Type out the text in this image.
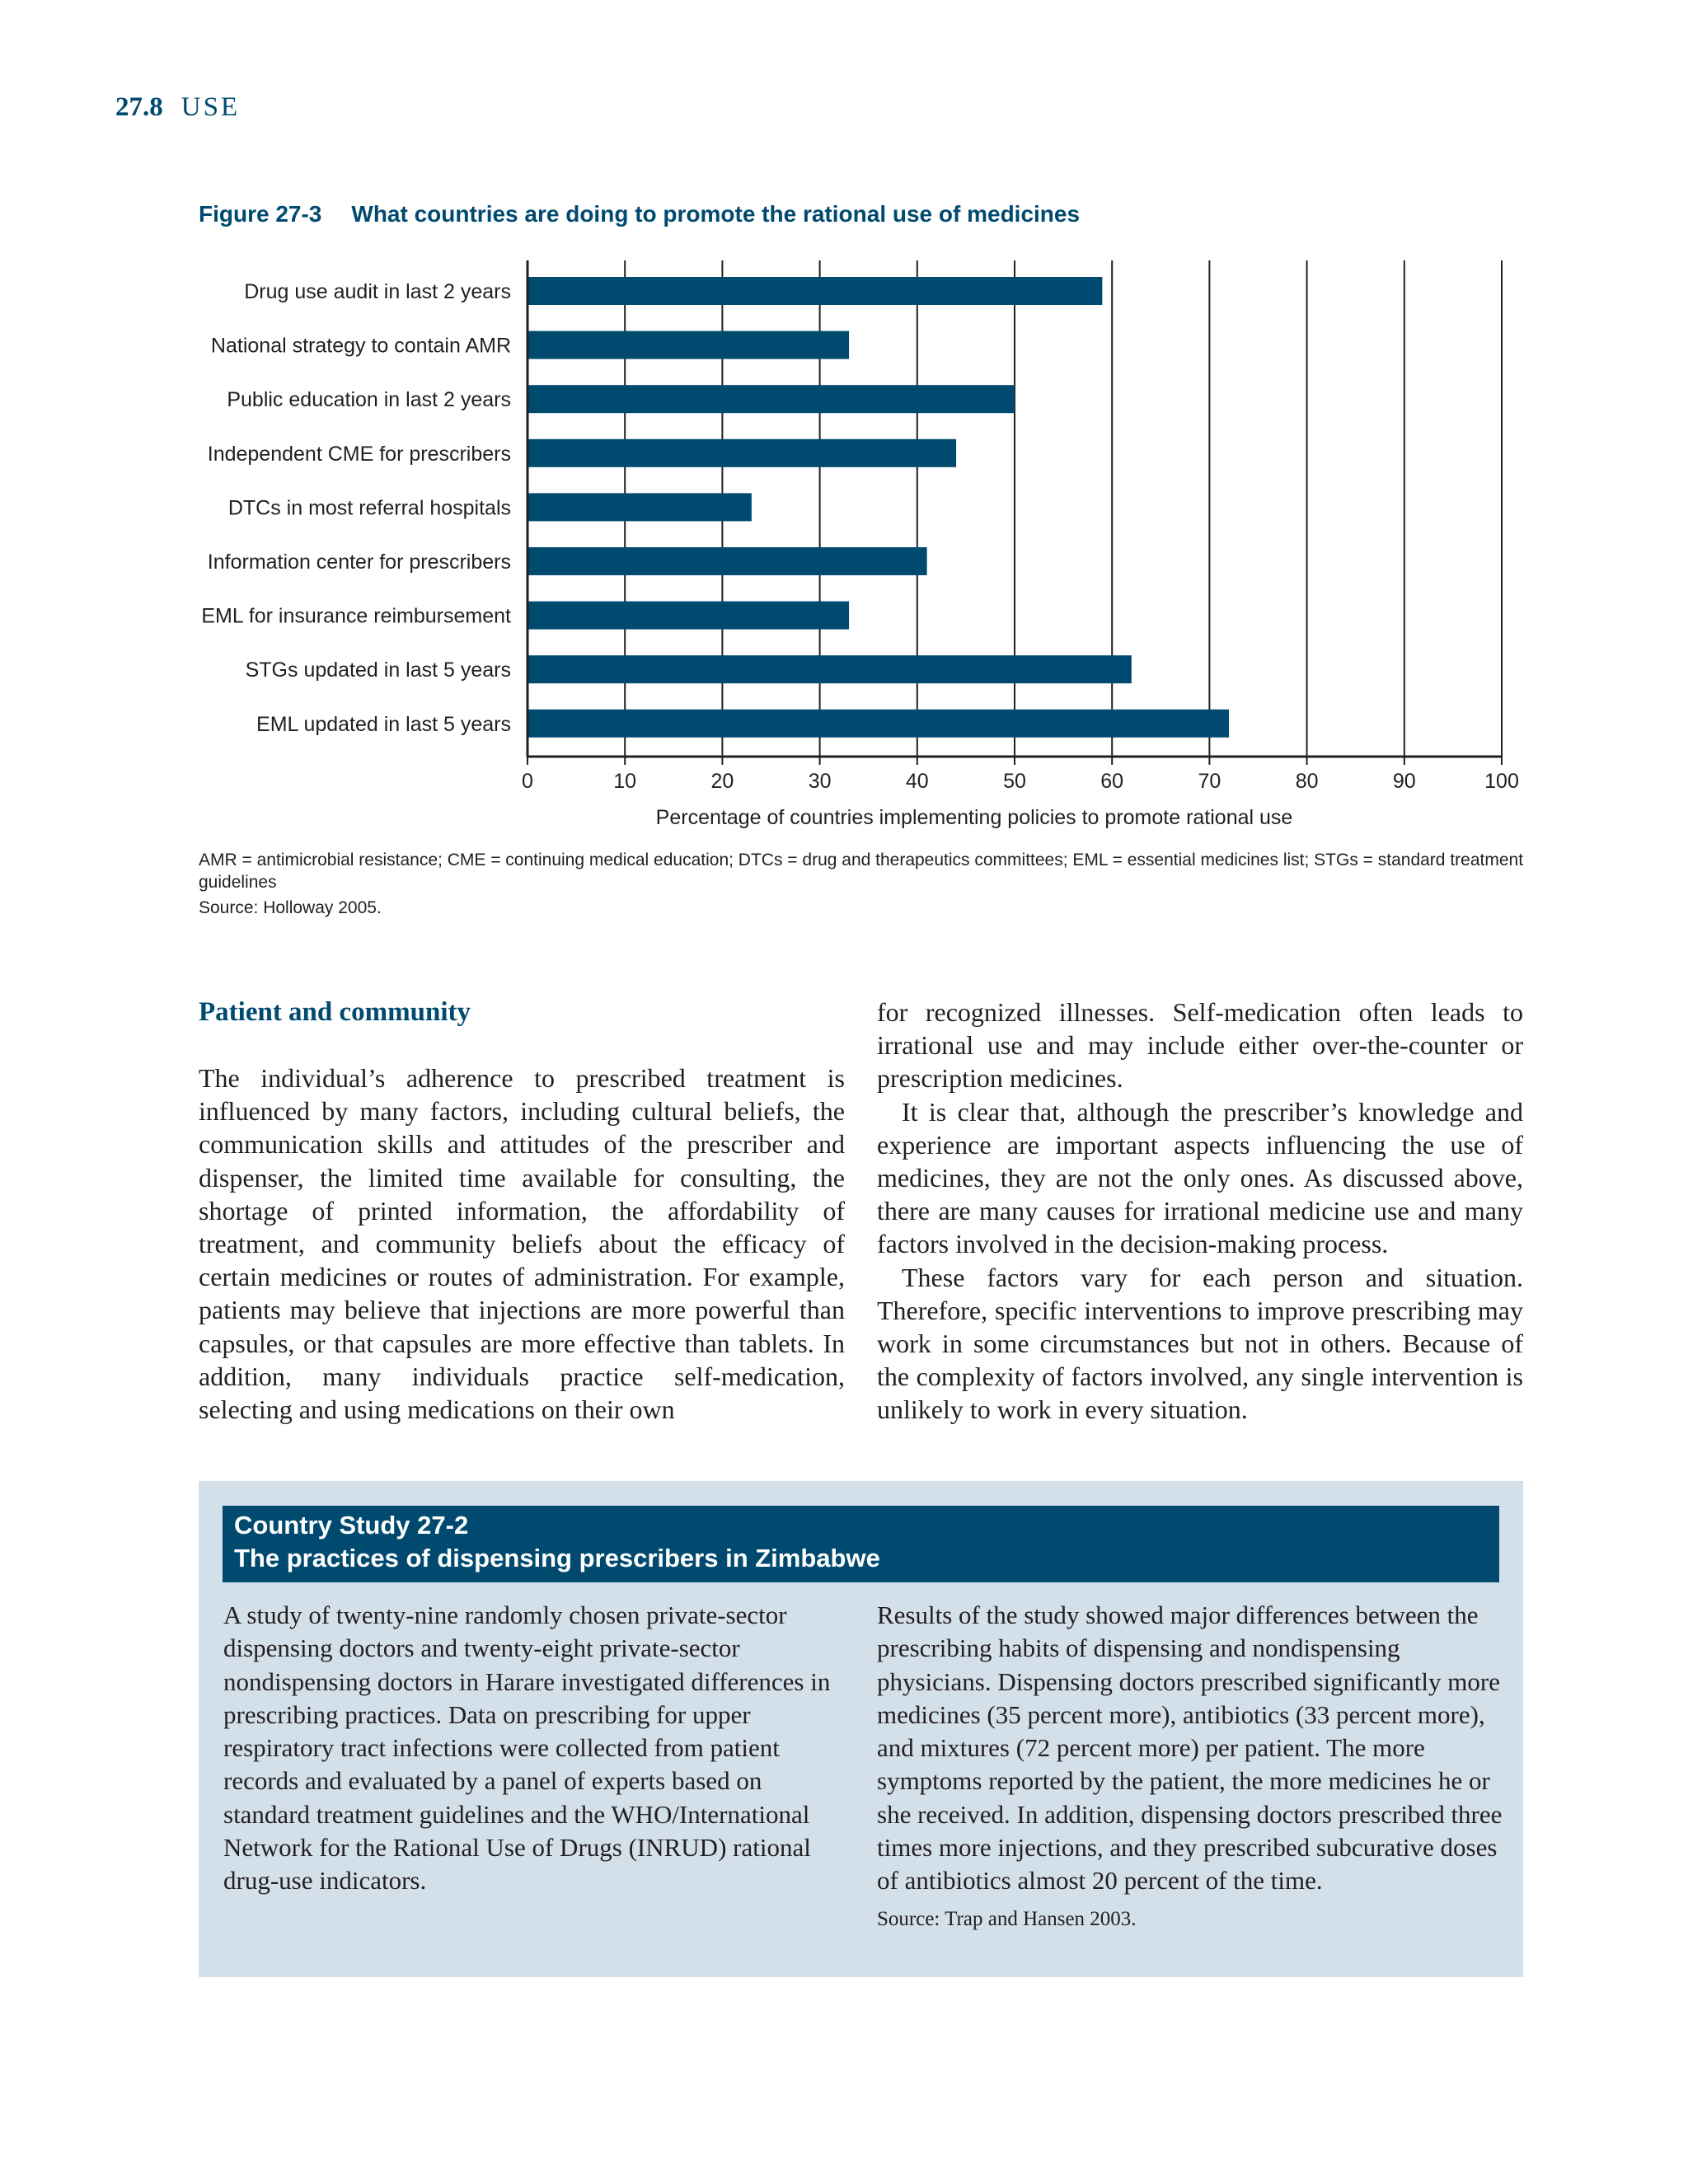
27.8 USE
Figure 27-3 What countries are doing to promote the rational use of medicines
Drug use audit in last 2 years
National strategy to contain AMR
Public education in last 2 years
Independent CME for prescribers
DTCs in most referral hospitals
Information center for prescribers
EML for insurance reimbursement
STGs updated in last 5 years
EML updated in last 5 years
0	10	20	30	40	50	60	70	80	90	100
Percentage of countries implementing policies to promote rational use
AMR = antimicrobial resistance; CME = continuing medical education; DTCs = drug and therapeutics committees; EML = essential medicines list; STGs = standard treatment guidelines
Source: Holloway 2005.
Patient and community

The individual’s adherence to prescribed treatment is influenced by many factors, including cultural beliefs, the communication skills and attitudes of the prescriber and dispenser, the limited time available for consulting, the shortage of printed information, the affordability of treatment, and community beliefs about the efficacy of certain medicines or routes of administration. For example, patients may believe that injections are more powerful than capsules, or that capsules are more effective than tablets. In addition, many individuals practice self-medication, selecting and using medications on their own

for recognized illnesses. Self-medication often leads to irrational use and may include either over-the-counter or prescription medicines.

It is clear that, although the prescriber’s knowledge and experience are important aspects influencing the use of medicines, they are not the only ones. As discussed above, there are many causes for irrational medicine use and many factors involved in the decision-making process.

These factors vary for each person and situation. Therefore, specific interventions to improve prescribing may work in some circumstances but not in others. Because of the complexity of factors involved, any single intervention is unlikely to work in every situation.

Country Study 27-2
The practices of dispensing prescribers in Zimbabwe

A study of twenty-nine randomly chosen private-sector dispensing doctors and twenty-eight private-sector nondispensing doctors in Harare investigated differences in prescribing practices. Data on prescribing for upper respiratory tract infections were collected from patient records and evaluated by a panel of experts based on standard treatment guidelines and the WHO/International Network for the Rational Use of Drugs (INRUD) rational drug-use indicators.

Results of the study showed major differences between the prescribing habits of dispensing and nondispensing physicians. Dispensing doctors prescribed significantly more medicines (35 percent more), antibiotics (33 percent more), and mixtures (72 percent more) per patient. The more symptoms reported by the patient, the more medicines he or she received. In addition, dispensing doctors prescribed three times more injections, and they prescribed subcurative doses of antibiotics almost 20 percent of the time.

Source: Trap and Hansen 2003.
